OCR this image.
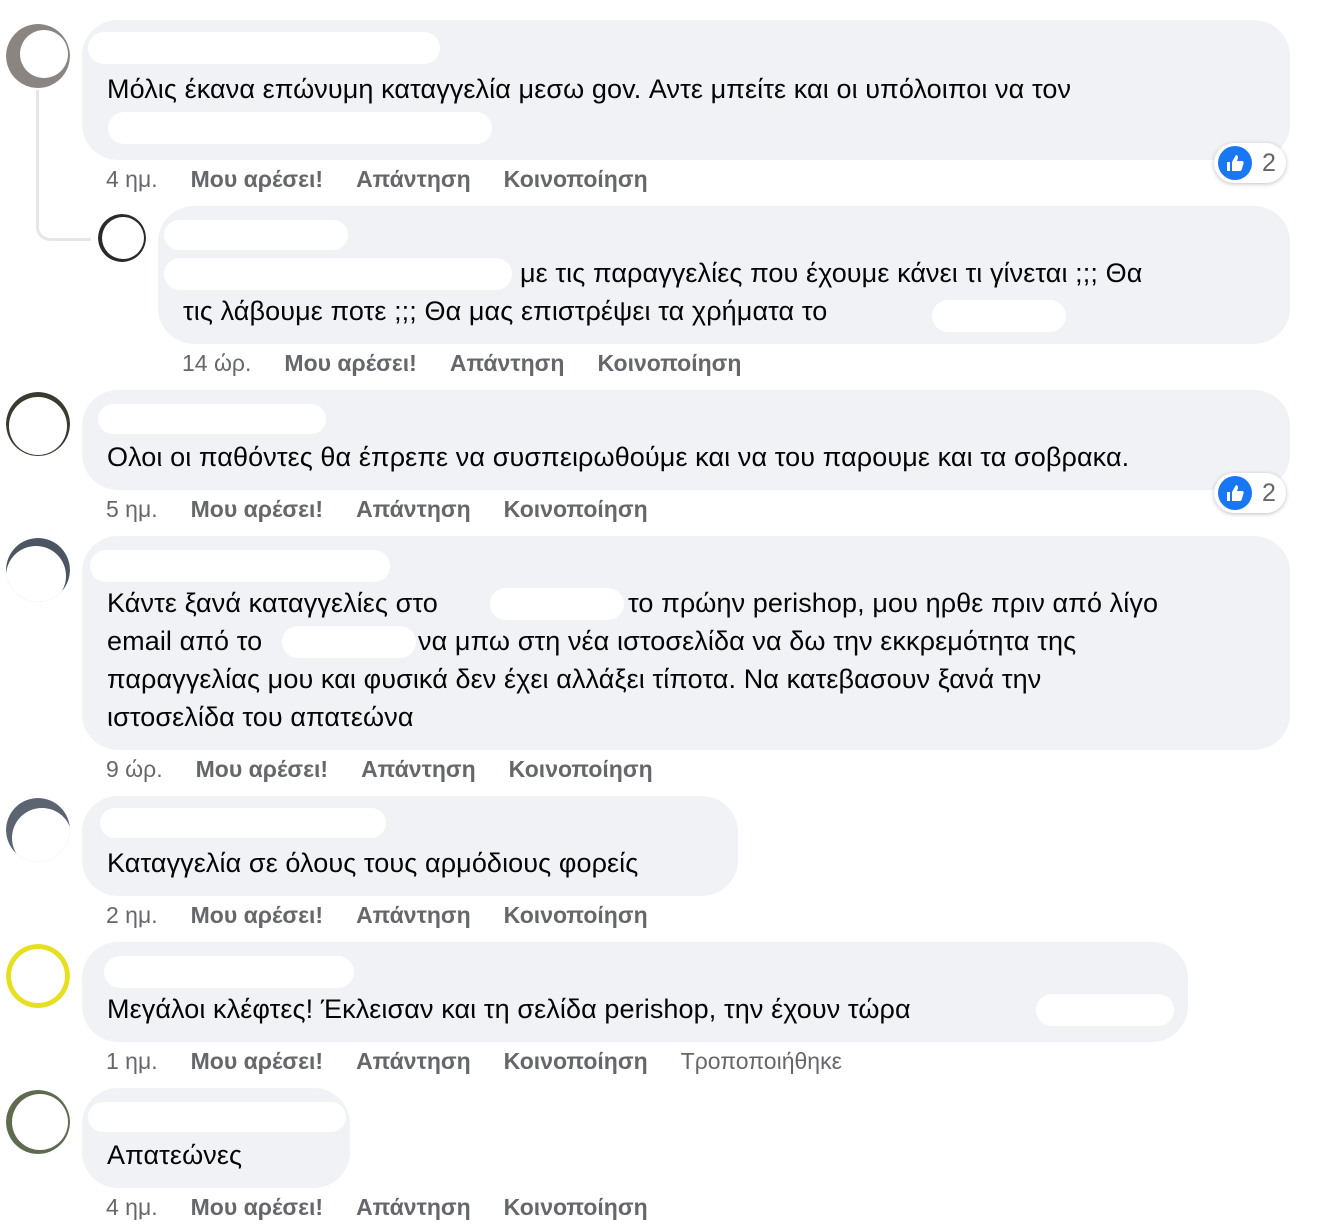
Μόλις έκανα επώνυμη καταγγελία μεσω gov. Αντε μπείτε και οι υπόλοιποι να τον
2
4 ημ. Μου αρέσει! Απάντηση Κοινοποίηση
με τις παραγγελίες που έχουμε κάνει τι γίνεται ;;; Θα
τις λάβουμε ποτε ;;; Θα μας επιστρέψει τα χρήματα το
14 ώρ. Μου αρέσει! Απάντηση Κοινοποίηση
Ολοι οι παθόντες θα έπρεπε να συσπειρωθούμε και να του παρουμε και τα σοβρακα.
2
5 ημ. Μου αρέσει! Απάντηση Κοινοποίηση
Κάντε ξανά καταγγελίες στο	το πρώην perishop, μου ηρθε πριν από λίγο
email από το	να μπω στη νέα ιστοσελίδα να δω την εκκρεμότητα της
παραγγελίας μου και φυσικά δεν έχει αλλάξει τίποτα. Να κατεβασουν ξανά την
ιστοσελίδα του απατεώνα
9 ώρ. Μου αρέσει! Απάντηση Κοινοποίηση
Καταγγελία σε όλους τους αρμόδιους φορείς
2 ημ. Μου αρέσει! Απάντηση Κοινοποίηση
Μεγάλοι κλέφτες! Έκλεισαν και τη σελίδα perishop, την έχουν τώρα
1 ημ. Μου αρέσει! Απάντηση Κοινοποίηση Τροποποιήθηκε
Απατεώνες
4 ημ. Μου αρέσει! Απάντηση Κοινοποίηση
